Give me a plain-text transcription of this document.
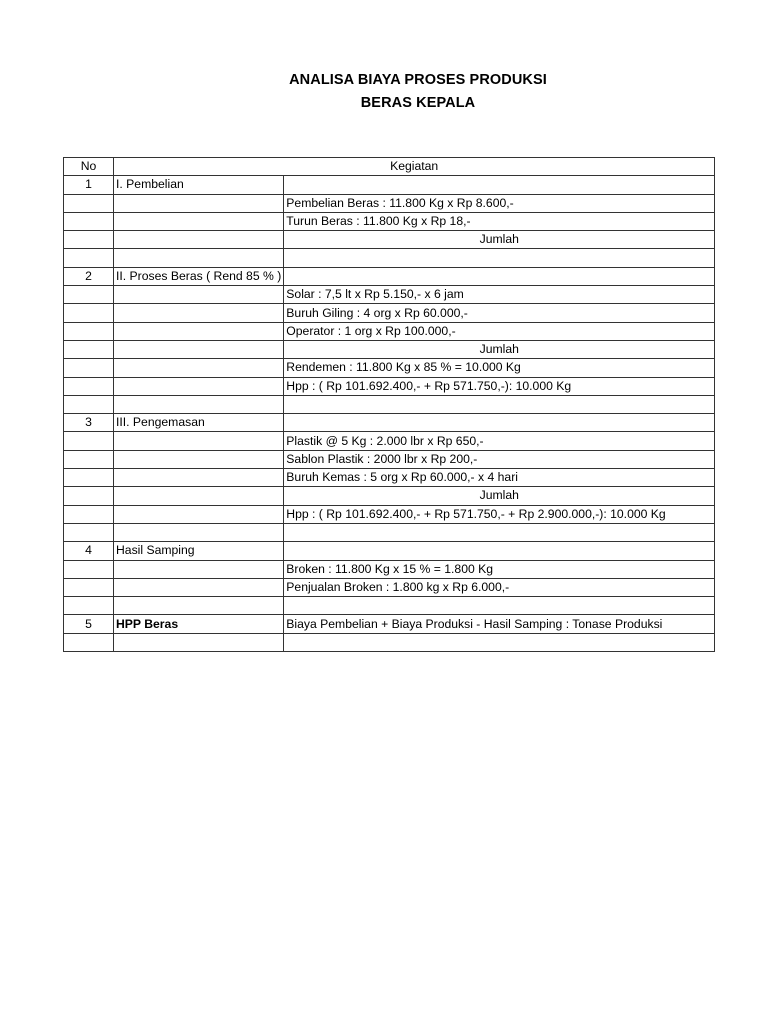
ANALISA BIAYA PROSES PRODUKSI
BERAS KEPALA
No	Kegiatan	
1	I. Pembelian	
		Pembelian Beras : 11.800 Kg x Rp 8.600,-
		Turun Beras : 11.800 Kg x Rp 18,-
		Jumlah

2	II. Proses Beras ( Rend 85 % )	
		Solar : 7,5 lt x Rp 5.150,- x 6 jam
		Buruh Giling : 4 org x Rp 60.000,-
		Operator : 1 org x Rp 100.000,-
		Jumlah
		Rendemen : 11.800 Kg x 85 % = 10.000 Kg
		Hpp : ( Rp 101.692.400,- + Rp 571.750,-): 10.000 Kg

3	III. Pengemasan	
		Plastik @ 5 Kg : 2.000 lbr x Rp 650,-
		Sablon Plastik : 2000 lbr x Rp 200,-
		Buruh Kemas : 5 org x Rp 60.000,- x 4 hari
		Jumlah
		Hpp : ( Rp 101.692.400,- + Rp 571.750,- + Rp 2.900.000,-): 10.000 Kg

4	Hasil Samping	
		Broken : 11.800 Kg x 15 % = 1.800 Kg
		Penjualan Broken : 1.800 kg x Rp 6.000,-

5	HPP Beras	Biaya Pembelian + Biaya Produksi - Hasil Samping : Tonase Produksi
